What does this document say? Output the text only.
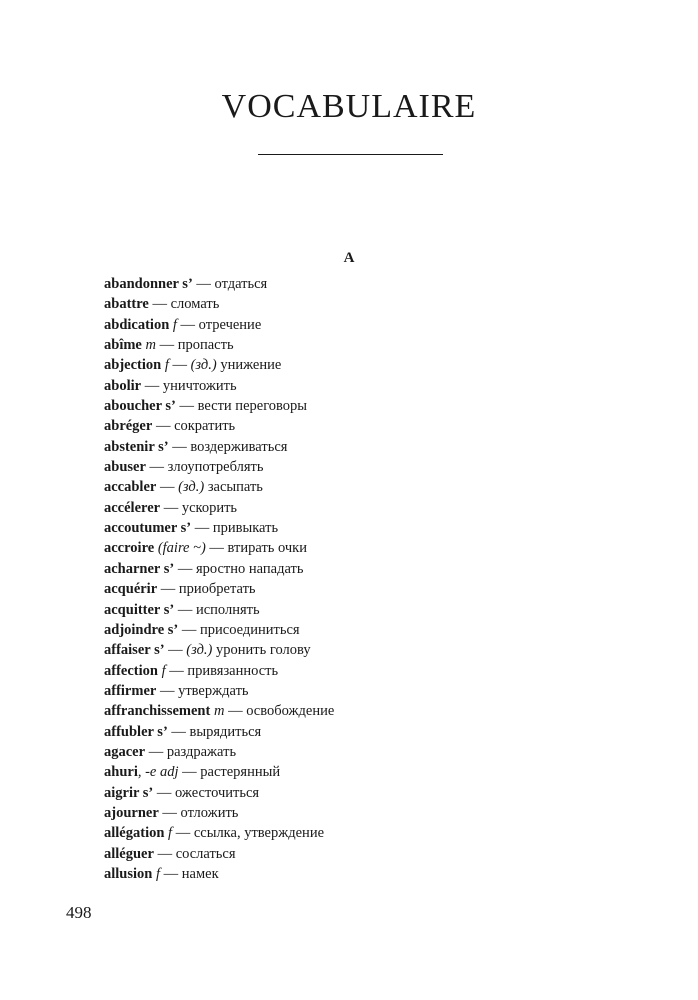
VOCABULAIRE
A
abandonner s’ — отдаться
abattre — сломать
abdication f — отречение
abîme m — пропасть
abjection f — (зд.) унижение
abolir — уничтожить
aboucher s’ — вести переговоры
abréger — сократить
abstenir s’ — воздерживаться
abuser — злоупотреблять
accabler — (зд.) засыпать
accélerer — ускорить
accoutumer s’ — привыкать
accroire (faire ~) — втирать очки
acharner s’ — яростно нападать
acquérir — приобретать
acquitter s’ — исполнять
adjoindre s’ — присоединиться
affaiser s’ — (зд.) уронить голову
affection f — привязанность
affirmer — утверждать
affranchissement m — освобождение
affubler s’ — вырядиться
agacer — раздражать
ahuri, -e adj — растерянный
aigrir s’ — ожесточиться
ajourner — отложить
allégation f — ссылка, утверждение
alléguer — сослаться
allusion f — намек
498
